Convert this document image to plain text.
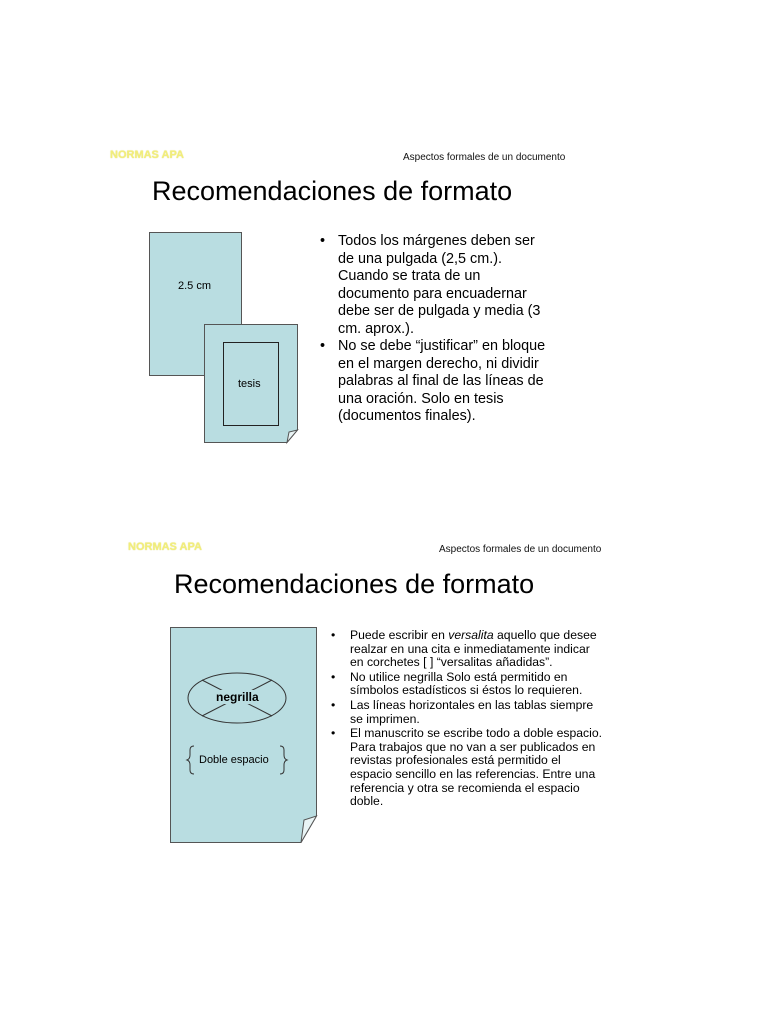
NORMAS APA	Aspectos formales de un documento
Recomendaciones de formato
2.5 cm
tesis
• Todos los márgenes deben ser de una pulgada (2,5 cm.). Cuando se trata de un documento para encuadernar debe ser de pulgada y media (3 cm. aprox.).
• No se debe “justificar” en bloque en el margen derecho, ni dividir palabras al final de las líneas de una oración. Solo en tesis (documentos finales).
NORMAS APA	Aspectos formales de un documento
Recomendaciones de formato
negrilla
Doble espacio
• Puede escribir en versalita aquello que desee realzar en una cita e inmediatamente indicar en corchetes [ ] “versalitas añadidas”.
• No utilice negrilla Solo está permitido en símbolos estadísticos si éstos lo requieren.
• Las líneas horizontales en las tablas siempre se imprimen.
• El manuscrito se escribe todo a doble espacio. Para trabajos que no van a ser publicados en revistas profesionales está permitido el espacio sencillo en las referencias. Entre una referencia y otra se recomienda el espacio doble.
